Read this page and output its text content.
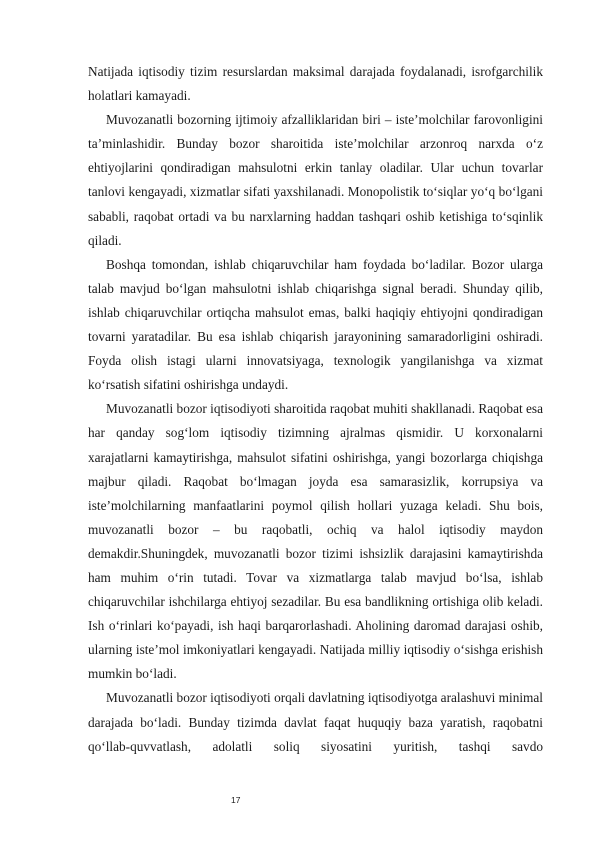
Natijada iqtisodiy tizim resurslardan maksimal darajada foydalanadi, isrofgarchilik holatlari kamayadi.

Muvozanatli bozorning ijtimoiy afzalliklaridan biri – iste’molchilar farovonligini ta’minlashidir. Bunday bozor sharoitida iste’molchilar arzonroq narxda o‘z ehtiyojlarini qondiradigan mahsulotni erkin tanlay oladilar. Ular uchun tovarlar tanlovi kengayadi, xizmatlar sifati yaxshilanadi. Monopolistik to‘siqlar yo‘q bo‘lgani sababli, raqobat ortadi va bu narxlarning haddan tashqari oshib ketishiga to‘sqinlik qiladi.

Boshqa tomondan, ishlab chiqaruvchilar ham foydada bo‘ladilar. Bozor ularga talab mavjud bo‘lgan mahsulotni ishlab chiqarishga signal beradi. Shunday qilib, ishlab chiqaruvchilar ortiqcha mahsulot emas, balki haqiqiy ehtiyojni qondiradigan tovarni yaratadilar. Bu esa ishlab chiqarish jarayonining samaradorligini oshiradi. Foyda olish istagi ularni innovatsiyaga, texnologik yangilanishga va xizmat ko‘rsatish sifatini oshirishga undaydi.

Muvozanatli bozor iqtisodiyoti sharoitida raqobat muhiti shakllanadi. Raqobat esa har qanday sog‘lom iqtisodiy tizimning ajralmas qismidir. U korxonalarni xarajatlarni kamaytirishga, mahsulot sifatini oshirishga, yangi bozorlarga chiqishga majbur qiladi. Raqobat bo‘lmagan joyda esa samarasizlik, korrupsiya va iste’molchilarning manfaatlarini poymol qilish hollari yuzaga keladi. Shu bois, muvozanatli bozor – bu raqobatli, ochiq va halol iqtisodiy maydon demakdir.Shuningdek, muvozanatli bozor tizimi ishsizlik darajasini kamaytirishda ham muhim o‘rin tutadi. Tovar va xizmatlarga talab mavjud bo‘lsa, ishlab chiqaruvchilar ishchilarga ehtiyoj sezadilar. Bu esa bandlikning ortishiga olib keladi. Ish o‘rinlari ko‘payadi, ish haqi barqarorlashadi. Aholining daromad darajasi oshib, ularning iste’mol imkoniyatlari kengayadi. Natijada milliy iqtisodiy o‘sishga erishish mumkin bo‘ladi.

Muvozanatli bozor iqtisodiyoti orqali davlatning iqtisodiyotga aralashuvi minimal darajada bo‘ladi. Bunday tizimda davlat faqat huquqiy baza yaratish, raqobatni qo‘llab-quvvatlash, adolatli soliq siyosatini yuritish, tashqi savdo

17
